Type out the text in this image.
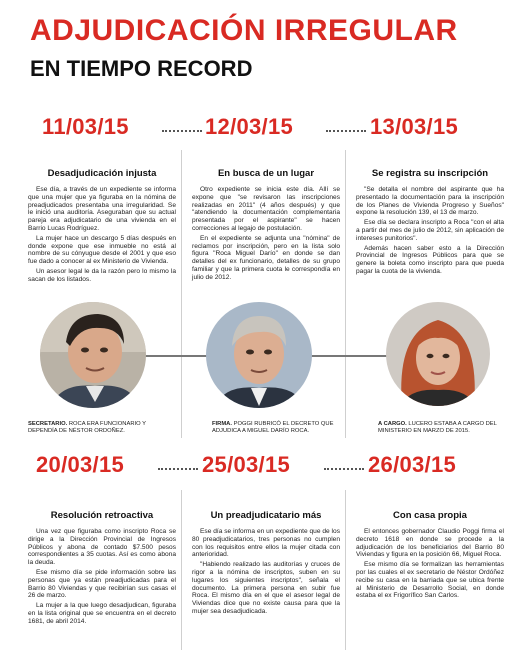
ADJUDICACIÓN IRREGULAR
EN TIEMPO RECORD
11/03/15	12/03/15	13/03/15
Desadjudicación injusta

Ese día, a través de un expediente se informa que una mujer que ya figuraba en la nómina de preadjudicados presentaba una irregularidad. Se le inició una auditoría. Aseguraban que su actual pareja era adjudicatario de una vivienda en el Barrio Lucas Rodríguez.

La mujer hace un descargo 5 días después en donde expone que ese inmueble no está al nombre de su cónyugue desde el 2001 y que eso fue dado a conocer al ex Ministerio de Vivienda.

Un asesor legal le da la razón pero lo mismo la sacan de los listados.

En busca de un lugar

Otro expediente se inicia este día. Allí se expone que "se revisaron las inscripciones realizadas en 2011" (4 años después) y que "atendiendo la documentación complementaria presentada por el aspirante" se hacen correcciones al legajo de postulación.

En el expediente se adjunta una "nómina" de reclamos por inscripción, pero en la lista solo figura "Roca Miguel Darío" en donde se dan detalles del ex funcionario, detalles de su grupo familiar y que la primera cuota le correspondía en julio de 2012.

Se registra su inscripción

"Se detalla el nombre del aspirante que ha presentado la documentación para la inscripción de los Planes de Vivienda Progreso y Sueños" expone la resolución 139, el 13 de marzo.

Ese día se declara inscripto a Roca "con el alta a partir del mes de julio de 2012, sin aplicación de intereses punitorios".

Además hacen saber esto a la Dirección Provincial de Ingresos Públicos para que se genere la boleta como inscripto para que pueda pagar la cuota de la vivienda.

SECRETARIO. ROCA ERA FUNCIONARIO Y DEPENDÍA DE NÉSTOR ORDOÑEZ.
FIRMA. POGGI RUBRICÓ EL DECRETO QUE ADJUDICA A MIGUEL DARÍO ROCA.
A CARGO. LUCERO ESTABA A CARGO DEL MINISTERIO EN MARZO DE 2015.
20/03/15	25/03/15	26/03/15
Resolución retroactiva

Una vez que figuraba como inscripto Roca se dirige a la Dirección Provincial de Ingresos Públicos y abona de contado $7.500 pesos correspondientes a 35 cuotas. Así es como abona la deuda.

Ese mismo día se pide información sobre las personas que ya están preadjudicadas para el Barrio 80 Viviendas y que recibirían sus casas el 26 de marzo.

La mujer a la que luego desadjudican, figuraba en la lista original que se encuentra en el decreto 1681, de abril 2014.

Un preadjudicatario más

Ese día se informa en un expediente que de los 80 preadjudicatarios, tres personas no cumplen con los requisitos entre ellos la mujer citada con anterioridad.

"Habiendo realizado las auditorías y cruces de rigor a la nómina de inscriptos, suben en su lugares los siguientes inscriptos", señala el documento. La primera persona en subir fue Roca. El mismo día en el que el asesor legal de Viviendas dice que no existe causa para que la mujer sea desadjudicada.

Con casa propia

El entonces gobernador Claudio Poggi firma el decreto 1618 en donde se procede a la adjudicación de los beneficiarios del Barrio 80 Viviendas y figura en la posición 66, Miguel Roca.

Ese mismo día se formalizan las herramientas por las cuales el ex secretario de Néstor Ordóñez recibe su casa en la barriada que se ubica frente al Ministerio de Desarrollo Social, en donde estaba el ex Frigorífico San Carlos.
